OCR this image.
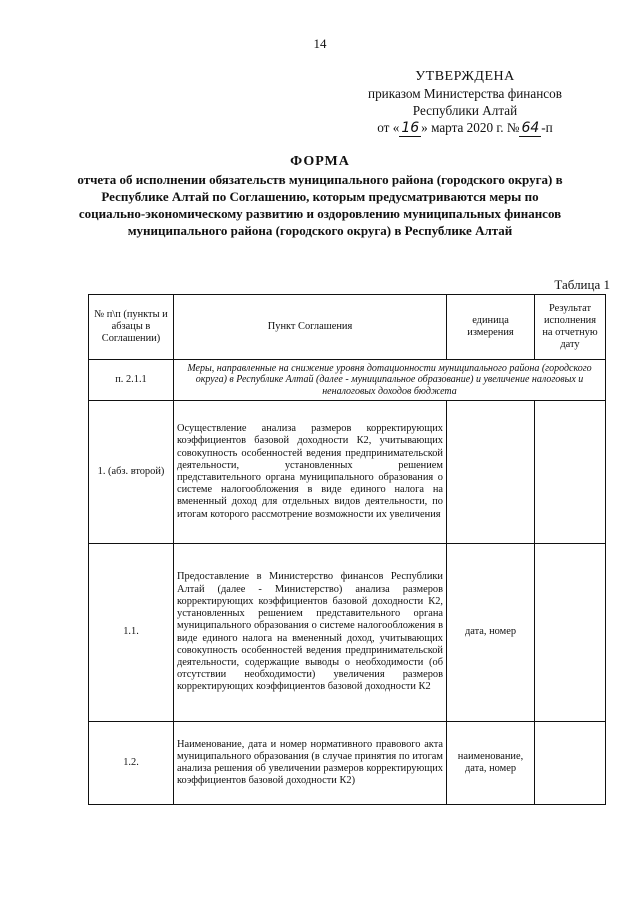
14
УТВЕРЖДЕНА
приказом Министерства финансов
Республики Алтай
от « 16 » марта 2020 г. № 64 -п
ФОРМА
отчета об исполнении обязательств муниципального района (городского округа) в Республике Алтай по Соглашению, которым предусматриваются меры по социально-экономическому развитию и оздоровлению муниципальных финансов муниципального района (городского округа) в Республике Алтай
Таблица 1
№ п\п (пункты и абзацы в Соглашении)	Пункт Соглашения	единица измерения	Результат исполнения на отчетную дату
п. 2.1.1	Меры, направленные на снижение уровня дотационности муниципального района (городского округа) в Республике Алтай (далее - муниципальное образование) и увеличение налоговых и неналоговых доходов бюджета		
1. (абз. второй)	Осуществление анализа размеров корректирующих коэффициентов базовой доходности К2, учитывающих совокупность особенностей ведения предпринимательской деятельности, установленных решением представительного органа муниципального образования о системе налогообложения в виде единого налога на вмененный доход для отдельных видов деятельности, по итогам которого рассмотрение возможности их увеличения		
1.1.	Предоставление в Министерство финансов Республики Алтай (далее - Министерство) анализа размеров корректирующих коэффициентов базовой доходности К2, установленных решением представительного органа муниципального образования о системе налогообложения в виде единого налога на вмененный доход, учитывающих совокупность особенностей ведения предпринимательской деятельности, содержащие выводы о необходимости (об отсутствии необходимости) увеличения размеров корректирующих коэффициентов базовой доходности К2	дата, номер	
1.2.	Наименование, дата и номер нормативного правового акта муниципального образования (в случае принятия по итогам анализа решения об увеличении размеров корректирующих коэффициентов базовой доходности К2)	наименование, дата, номер	
